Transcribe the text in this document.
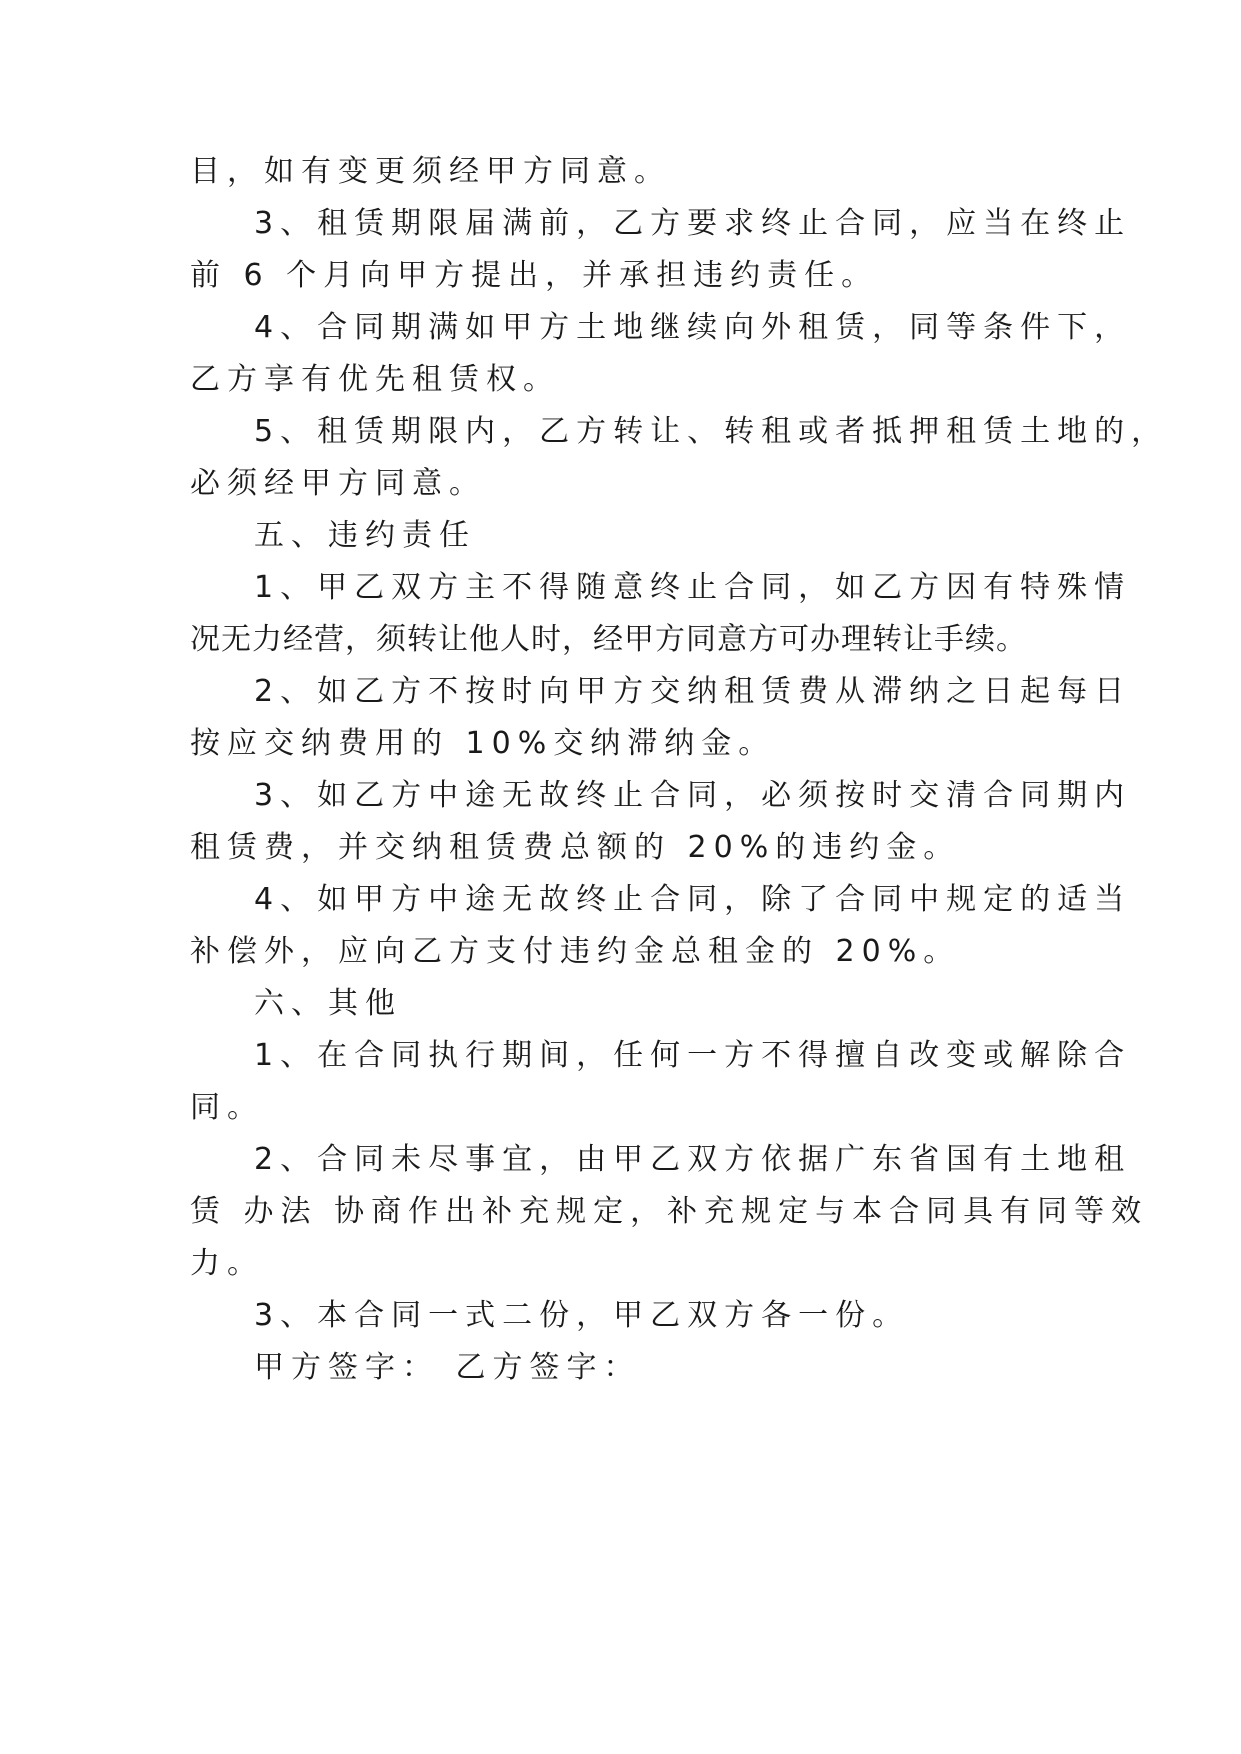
目，如有变更须经甲方同意。
3、租赁期限届满前，乙方要求终止合同，应当在终止
前 6 个月向甲方提出，并承担违约责任。
4、合同期满如甲方土地继续向外租赁，同等条件下，
乙方享有优先租赁权。
5、租赁期限内，乙方转让、转租或者抵押租赁土地的，
必须经甲方同意。
五、违约责任
1、甲乙双方主不得随意终止合同，如乙方因有特殊情
况无力经营，须转让他人时，经甲方同意方可办理转让手续。
2、如乙方不按时向甲方交纳租赁费从滞纳之日起每日
按应交纳费用的 10%交纳滞纳金。
3、如乙方中途无故终止合同，必须按时交清合同期内
租赁费，并交纳租赁费总额的 20%的违约金。
4、如甲方中途无故终止合同，除了合同中规定的适当
补偿外，应向乙方支付违约金总租金的 20%。
六、其他
1、在合同执行期间，任何一方不得擅自改变或解除合
同。
2、合同未尽事宜，由甲乙双方依据广东省国有土地租
赁 办法 协商作出补充规定，补充规定与本合同具有同等效
力。
3、本合同一式二份，甲乙双方各一份。
甲方签字： 乙方签字：
